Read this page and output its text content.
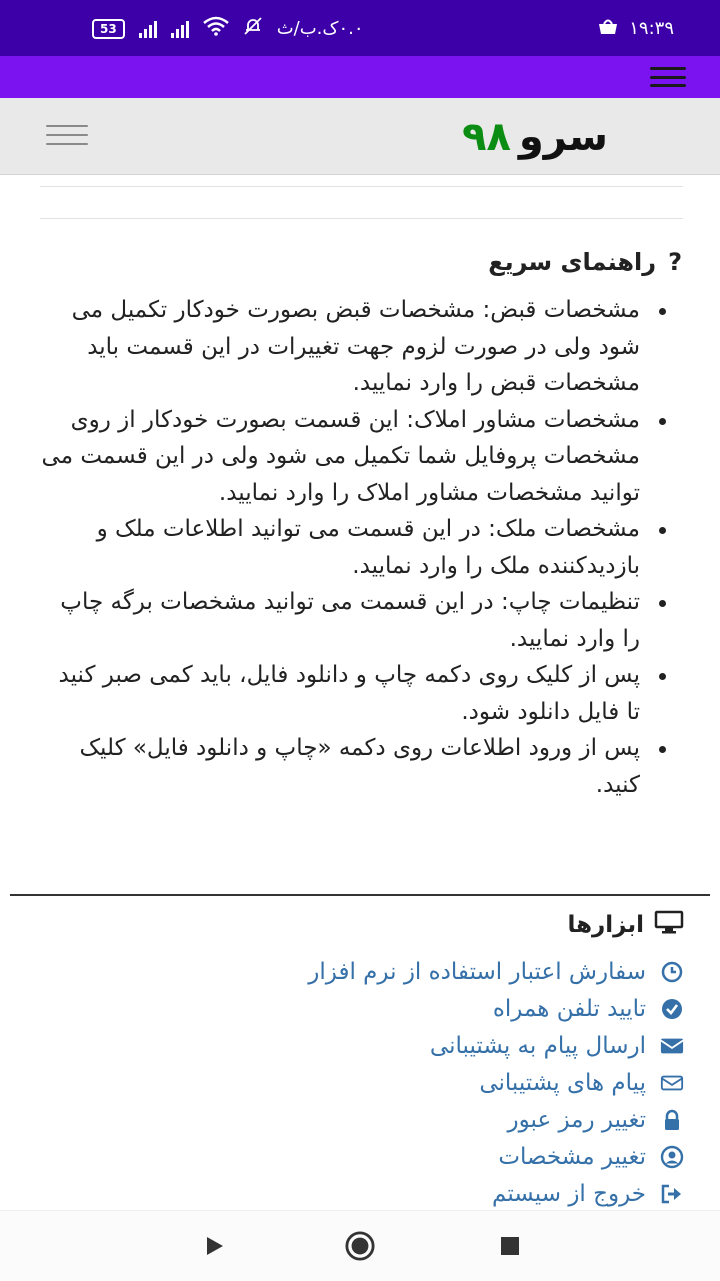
53	۰.۰ک.ب/ث	۱۹:۳۹
سرو۹۸
?
راهنمای سریع
مشخصات قبض: مشخصات قبض بصورت خودکار تکمیل می شود ولی در صورت لزوم جهت تغییرات در این قسمت باید مشخصات قبض را وارد نمایید.
مشخصات مشاور املاک: این قسمت بصورت خودکار از روی مشخصات پروفایل شما تکمیل می شود ولی در این قسمت می توانید مشخصات مشاور املاک را وارد نمایید.
مشخصات ملک: در این قسمت می توانید اطلاعات ملک و بازدیدکننده ملک را وارد نمایید.
تنظیمات چاپ: در این قسمت می توانید مشخصات برگه چاپ را وارد نمایید.
پس از کلیک روی دکمه چاپ و دانلود فایل، باید کمی صبر کنید تا فایل دانلود شود.
پس از ورود اطلاعات روی دکمه «چاپ و دانلود فایل» کلیک کنید.
ابزارها
سفارش اعتبار استفاده از نرم افزار
تایید تلفن همراه
ارسال پیام به پشتیبانی
پیام های پشتیبانی
تغییر رمز عبور
تغییر مشخصات
خروج از سیستم
